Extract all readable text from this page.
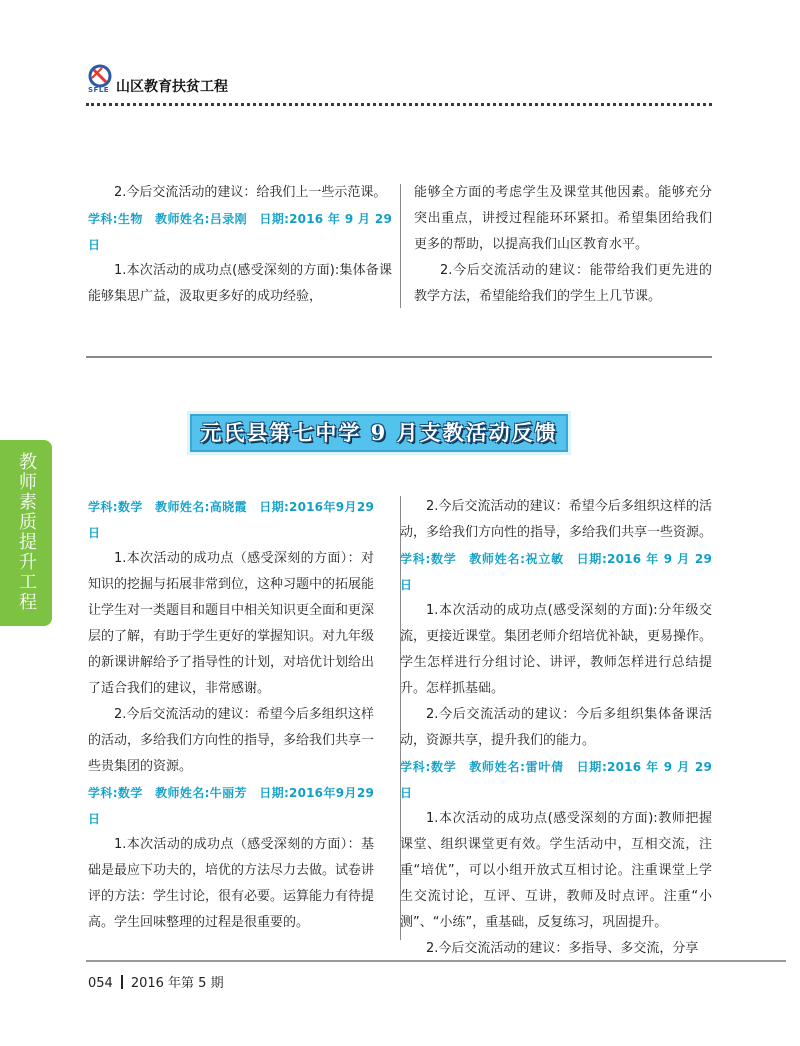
SFLE 山区教育扶贫工程

2.今后交流活动的建议：给我们上一些示范课。

学科:生物　教师姓名:吕录刚　日期:2016 年 9 月 29 日

1.本次活动的成功点(感受深刻的方面):集体备课能够集思广益，汲取更多好的成功经验，

能够全方面的考虑学生及课堂其他因素。能够充分突出重点，讲授过程能环环紧扣。希望集团给我们更多的帮助，以提高我们山区教育水平。

2.今后交流活动的建议：能带给我们更先进的教学方法，希望能给我们的学生上几节课。

元氏县第七中学 9 月支教活动反馈
教师素质提升工程	学科:数学　教师姓名:高晓霞　日期:2016年9月29日

1.本次活动的成功点（感受深刻的方面）：对知识的挖掘与拓展非常到位，这种习题中的拓展能让学生对一类题目和题目中相关知识更全面和更深层的了解，有助于学生更好的掌握知识。对九年级的新课讲解给予了指导性的计划，对培优计划给出了适合我们的建议，非常感谢。

2.今后交流活动的建议：希望今后多组织这样的活动，多给我们方向性的指导，多给我们共享一些贵集团的资源。

学科:数学　教师姓名:牛丽芳　日期:2016年9月29日

1.本次活动的成功点（感受深刻的方面）：基础是最应下功夫的，培优的方法尽力去做。试卷讲评的方法：学生讨论，很有必要。运算能力有待提高。学生回味整理的过程是很重要的。

2.今后交流活动的建议：希望今后多组织这样的活动，多给我们方向性的指导，多给我们共享一些资源。

学科:数学　教师姓名:祝立敏　日期:2016 年 9 月 29 日

1.本次活动的成功点(感受深刻的方面):分年级交流，更接近课堂。集团老师介绍培优补缺，更易操作。学生怎样进行分组讨论、讲评，教师怎样进行总结提升。怎样抓基础。

2.今后交流活动的建议：今后多组织集体备课活动，资源共享，提升我们的能力。

学科:数学　教师姓名:雷叶倩　日期:2016 年 9 月 29 日

1.本次活动的成功点(感受深刻的方面):教师把握课堂、组织课堂更有效。学生活动中，互相交流，注重“培优”，可以小组开放式互相讨论。注重课堂上学生交流讨论，互评、互讲，教师及时点评。注重“小测”、“小练”，重基础，反复练习，巩固提升。

2.今后交流活动的建议：多指导、多交流，分享

054 2016 年第 5 期
